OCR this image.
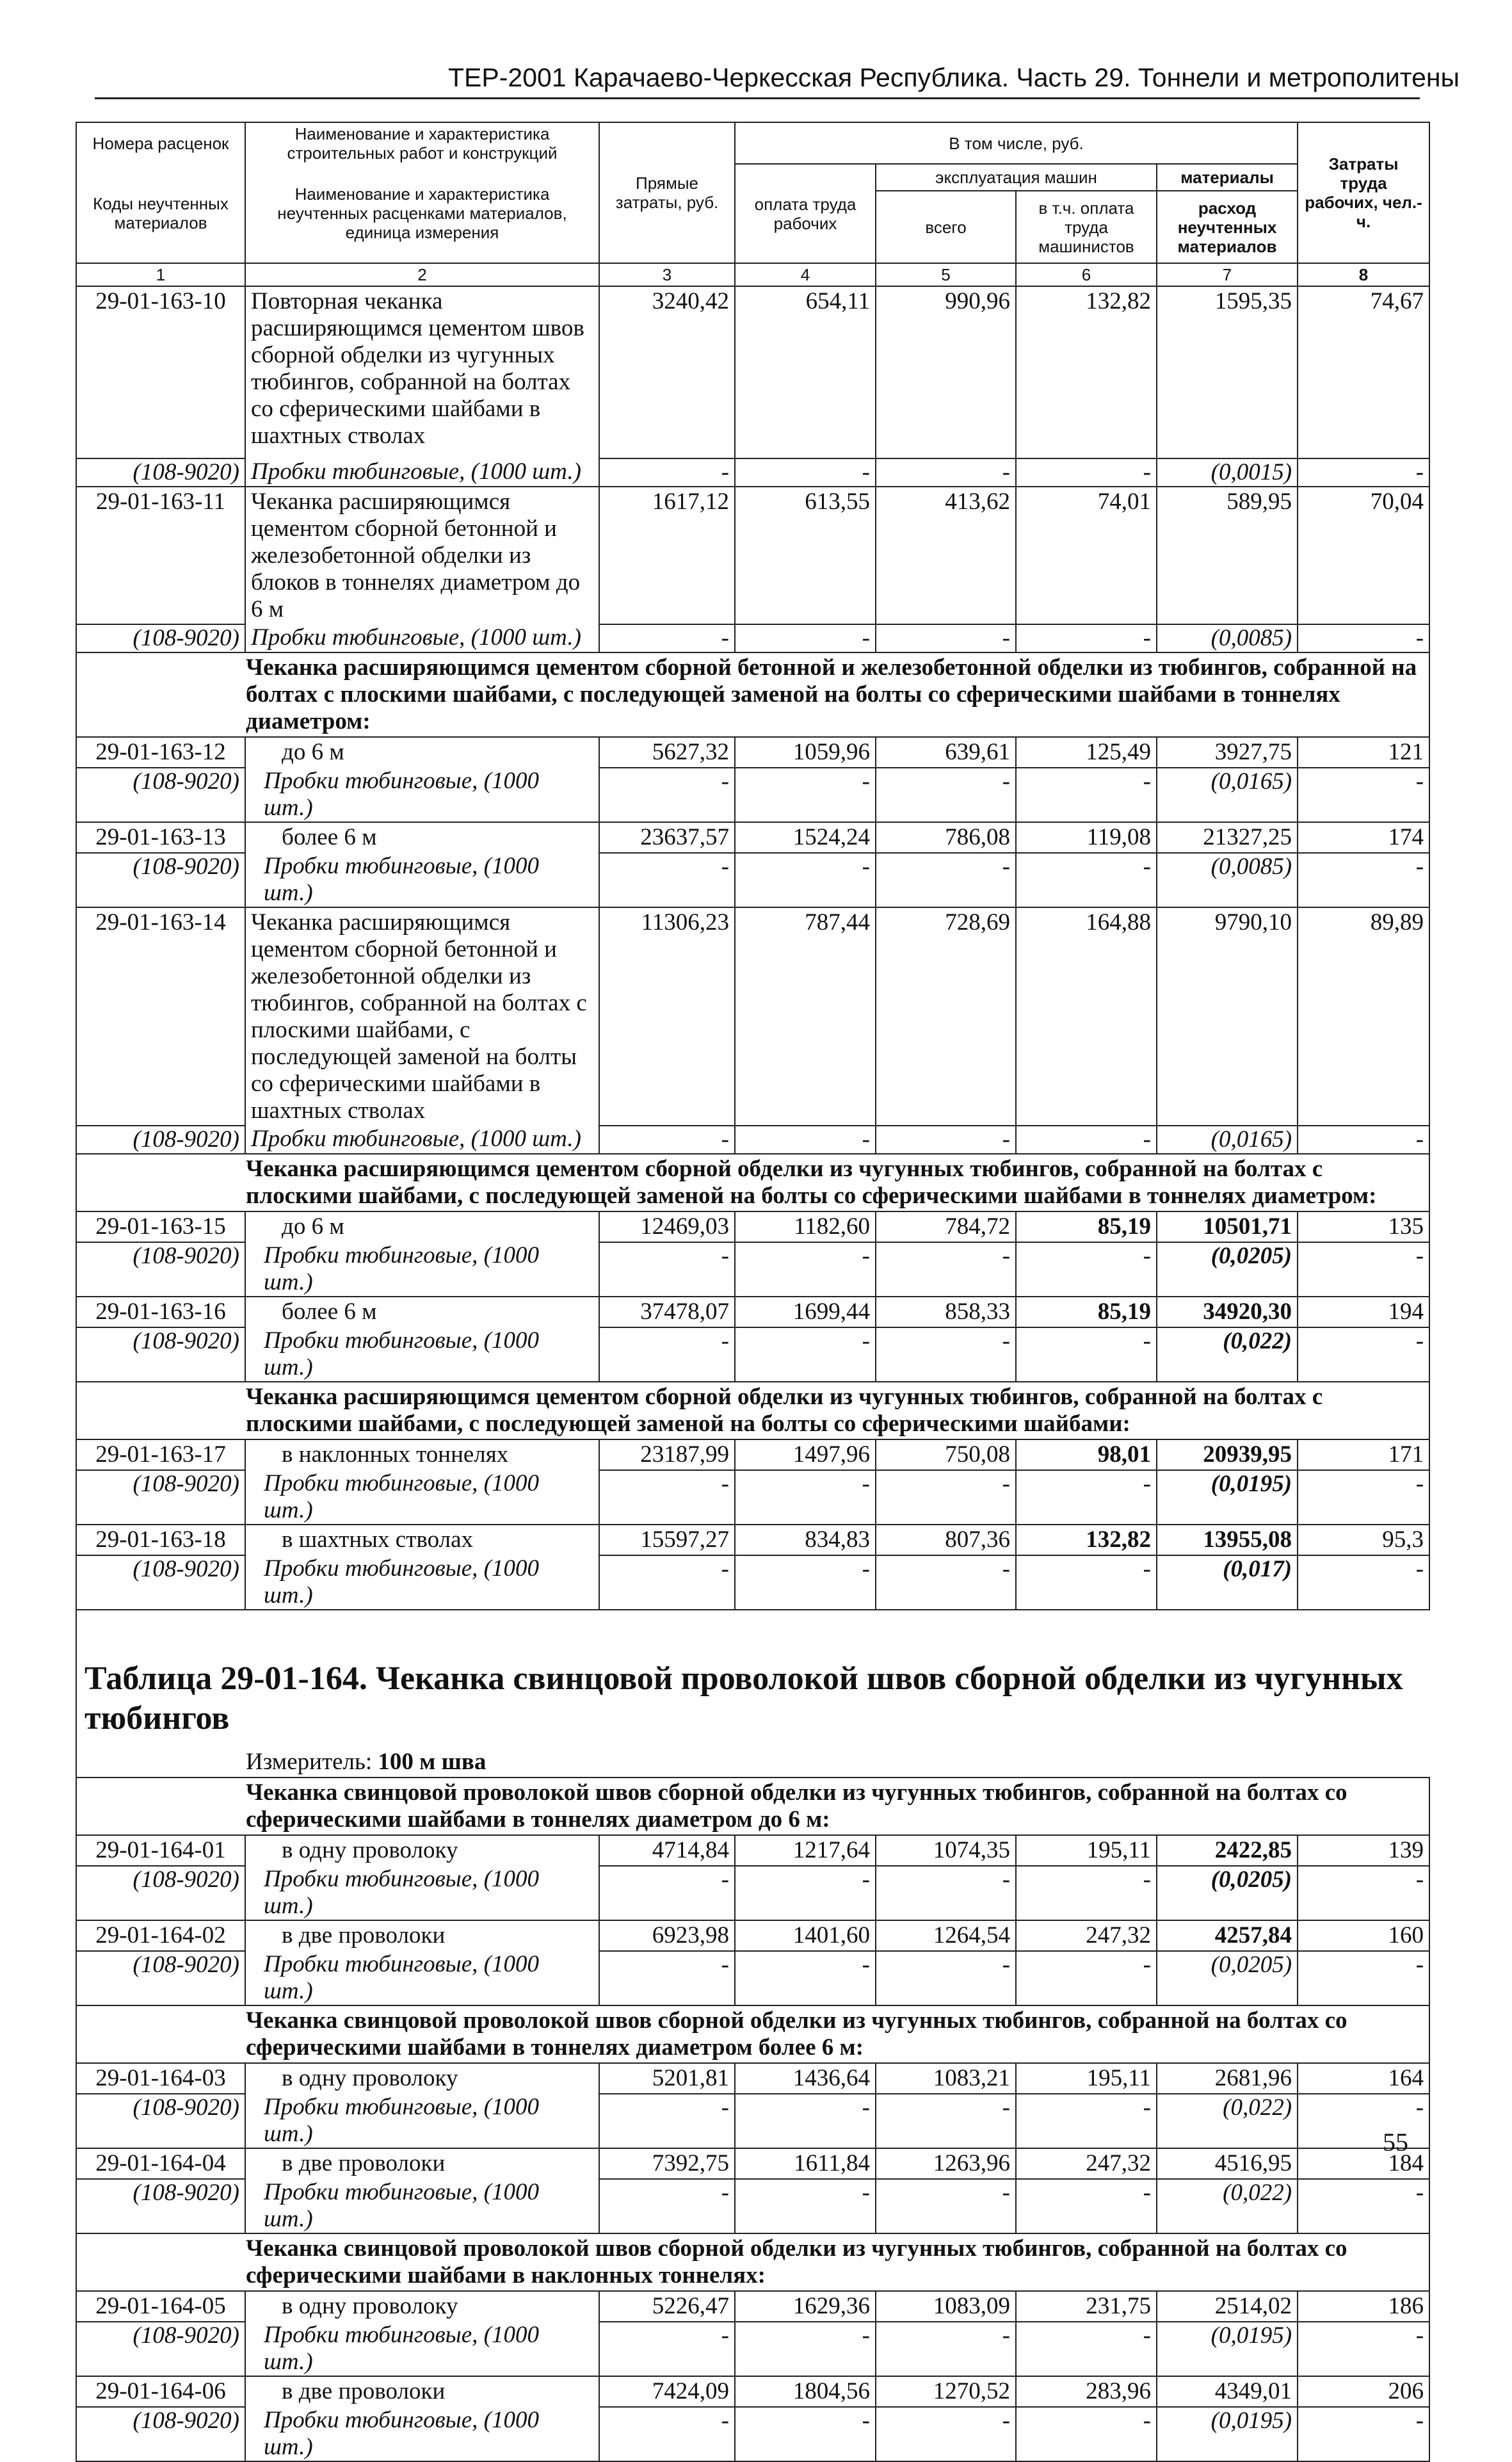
ТЕР-2001 Карачаево-Черкесская Республика. Часть 29. Тоннели и метрополитены
Номера расценок	Наименование и характеристика строительных работ и конструкций	Прямые затраты, руб.	В том числе, руб.				Затраты труда рабочих, чел.-ч.
Коды неучтенных материалов	Наименование и характеристика неучтенных расценками материалов, единица измерения		оплата труда рабочих	эксплуатация машин		материалы	
				всего	в т.ч. оплата труда машинистов	расход неучтенных материалов	
1	2	3	4	5	6	7	8
29-01-163-10	Повторная чеканка расширяющимся цементом швов сборной обделки из чугунных тюбингов, собранной на болтах со сферическими шайбами в шахтных стволах	3240,42	654,11	990,96	132,82	1595,35	74,67
(108-9020)	Пробки тюбинговые, (1000 шт.)	-	-	-	-	(0,0015)	-
29-01-163-11	Чеканка расширяющимся цементом сборной бетонной и железобетонной обделки из блоков в тоннелях диаметром до 6 м	1617,12	613,55	413,62	74,01	589,95	70,04
(108-9020)	Пробки тюбинговые, (1000 шт.)	-	-	-	-	(0,0085)	-
Чеканка расширяющимся цементом сборной бетонной и железобетонной обделки из тюбингов, собранной на болтах с плоскими шайбами, с последующей заменой на болты со сферическими шайбами в тоннелях диаметром:							
29-01-163-12	до 6 м	5627,32	1059,96	639,61	125,49	3927,75	121
(108-9020)	Пробки тюбинговые, (1000 шт.)	-	-	-	-	(0,0165)	-
29-01-163-13	более 6 м	23637,57	1524,24	786,08	119,08	21327,25	174
(108-9020)	Пробки тюбинговые, (1000 шт.)	-	-	-	-	(0,0085)	-
29-01-163-14	Чеканка расширяющимся цементом сборной бетонной и железобетонной обделки из тюбингов, собранной на болтах с плоскими шайбами, с последующей заменой на болты со сферическими шайбами в шахтных стволах	11306,23	787,44	728,69	164,88	9790,10	89,89
(108-9020)	Пробки тюбинговые, (1000 шт.)	-	-	-	-	(0,0165)	-
Чеканка расширяющимся цементом сборной обделки из чугунных тюбингов, собранной на болтах с плоскими шайбами, с последующей заменой на болты со сферическими шайбами в тоннелях диаметром:							
29-01-163-15	до 6 м	12469,03	1182,60	784,72	85,19	10501,71	135
(108-9020)	Пробки тюбинговые, (1000 шт.)	-	-	-	-	(0,0205)	-
29-01-163-16	более 6 м	37478,07	1699,44	858,33	85,19	34920,30	194
(108-9020)	Пробки тюбинговые, (1000 шт.)	-	-	-	-	(0,022)	-
Чеканка расширяющимся цементом сборной обделки из чугунных тюбингов, собранной на болтах с плоскими шайбами, с последующей заменой на болты со сферическими шайбами:							
29-01-163-17	в наклонных тоннелях	23187,99	1497,96	750,08	98,01	20939,95	171
(108-9020)	Пробки тюбинговые, (1000 шт.)	-	-	-	-	(0,0195)	-
29-01-163-18	в шахтных стволах	15597,27	834,83	807,36	132,82	13955,08	95,3
(108-9020)	Пробки тюбинговые, (1000 шт.)	-	-	-	-	(0,017)	-

Таблица 29-01-164. Чеканка свинцовой проволокой швов сборной обделки из чугунных тюбингов							
Измеритель: 100 м шва							
Чеканка свинцовой проволокой швов сборной обделки из чугунных тюбингов, собранной на болтах со сферическими шайбами в тоннелях диаметром до 6 м:							
29-01-164-01	в одну проволоку	4714,84	1217,64	1074,35	195,11	2422,85	139
(108-9020)	Пробки тюбинговые, (1000 шт.)	-	-	-	-	(0,0205)	-
29-01-164-02	в две проволоки	6923,98	1401,60	1264,54	247,32	4257,84	160
(108-9020)	Пробки тюбинговые, (1000 шт.)	-	-	-	-	(0,0205)	-
Чеканка свинцовой проволокой швов сборной обделки из чугунных тюбингов, собранной на болтах со сферическими шайбами в тоннелях диаметром более 6 м:							
29-01-164-03	в одну проволоку	5201,81	1436,64	1083,21	195,11	2681,96	164
(108-9020)	Пробки тюбинговые, (1000 шт.)	-	-	-	-	(0,022)	-
29-01-164-04	в две проволоки	7392,75	1611,84	1263,96	247,32	4516,95	184
(108-9020)	Пробки тюбинговые, (1000 шт.)	-	-	-	-	(0,022)	-
Чеканка свинцовой проволокой швов сборной обделки из чугунных тюбингов, собранной на болтах со сферическими шайбами в наклонных тоннелях:							
29-01-164-05	в одну проволоку	5226,47	1629,36	1083,09	231,75	2514,02	186
(108-9020)	Пробки тюбинговые, (1000 шт.)	-	-	-	-	(0,0195)	-
29-01-164-06	в две проволоки	7424,09	1804,56	1270,52	283,96	4349,01	206
(108-9020)	Пробки тюбинговые, (1000 шт.)	-	-	-	-	(0,0195)	-
55
